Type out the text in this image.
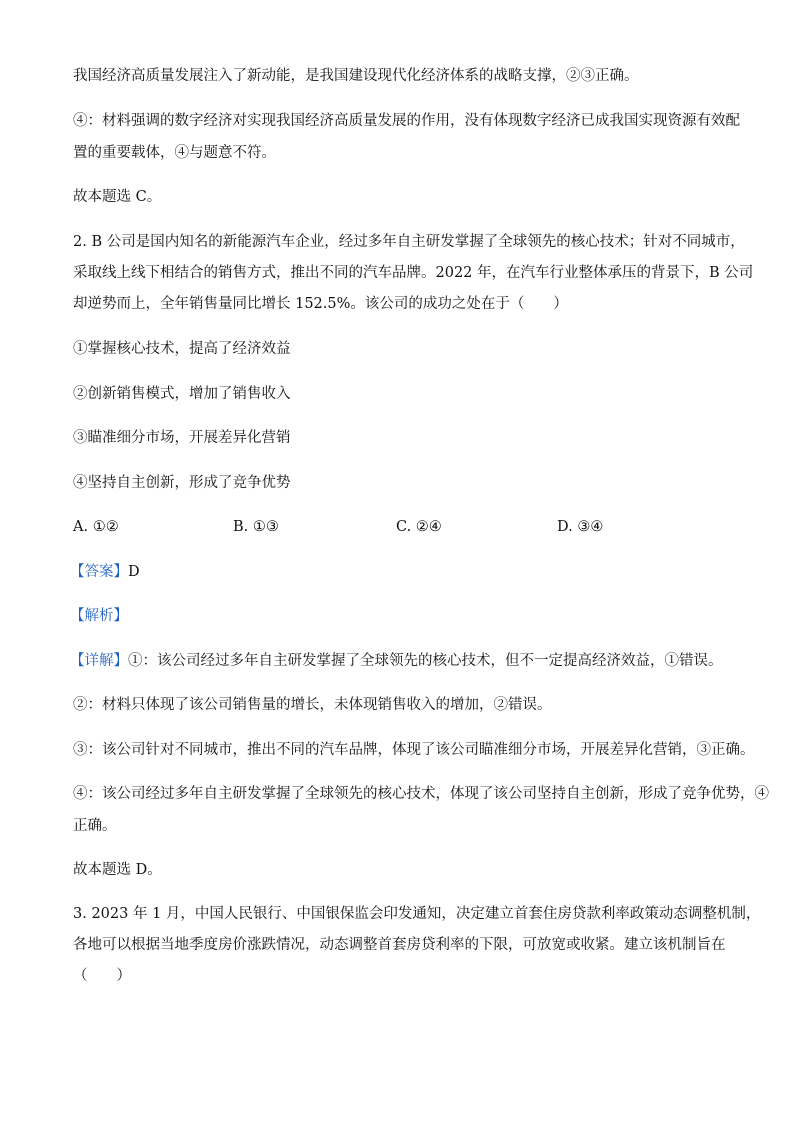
我国经济高质量发展注入了新动能，是我国建设现代化经济体系的战略支撑，②③正确。
④：材料强调的数字经济对实现我国经济高质量发展的作用，没有体现数字经济已成我国实现资源有效配
置的重要载体，④与题意不符。
故本题选 C。
2. B 公司是国内知名的新能源汽车企业，经过多年自主研发掌握了全球领先的核心技术；针对不同城市，
采取线上线下相结合的销售方式，推出不同的汽车品牌。2022 年，在汽车行业整体承压的背景下，B 公司
却逆势而上，全年销售量同比增长 152.5%。该公司的成功之处在于（　　）
①掌握核心技术，提高了经济效益
②创新销售模式，增加了销售收入
③瞄准细分市场，开展差异化营销
④坚持自主创新，形成了竞争优势
A. ①②	B. ①③	C. ②④	D. ③④
【答案】D
【解析】
【详解】①：该公司经过多年自主研发掌握了全球领先的核心技术，但不一定提高经济效益，①错误。
②：材料只体现了该公司销售量的增长，未体现销售收入的增加，②错误。
③：该公司针对不同城市，推出不同的汽车品牌，体现了该公司瞄准细分市场，开展差异化营销，③正确。
④：该公司经过多年自主研发掌握了全球领先的核心技术，体现了该公司坚持自主创新，形成了竞争优势，④
正确。
故本题选 D。
3. 2023 年 1 月，中国人民银行、中国银保监会印发通知，决定建立首套住房贷款利率政策动态调整机制，
各地可以根据当地季度房价涨跌情况，动态调整首套房贷利率的下限，可放宽或收紧。建立该机制旨在
（　　）
